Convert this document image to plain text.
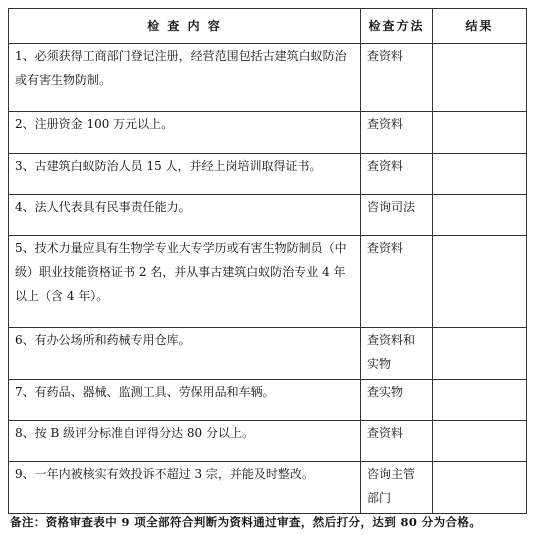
检 查 内 容	检查方法	结果
1、必须获得工商部门登记注册，经营范围包括古建筑白蚁防治或有害生物防制。	查资料	
2、注册资金 100 万元以上。	查资料	
3、古建筑白蚁防治人员 15 人，并经上岗培训取得证书。	查资料	
4、法人代表具有民事责任能力。	咨询司法	
5、技术力量应具有生物学专业大专学历或有害生物防制员（中级）职业技能资格证书 2 名，并从事古建筑白蚁防治专业 4 年以上（含 4 年）。	查资料	
6、有办公场所和药械专用仓库。	查资料和实物	
7、有药品、器械、监测工具、劳保用品和车辆。	查实物	
8、按 B 级评分标准自评得分达 80 分以上。	查资料	
9、一年内被核实有效投诉不超过 3 宗，并能及时整改。	咨询主管部门	
备注：资格审查表中 9 项全部符合判断为资料通过审查，然后打分，达到 80 分为合格。
